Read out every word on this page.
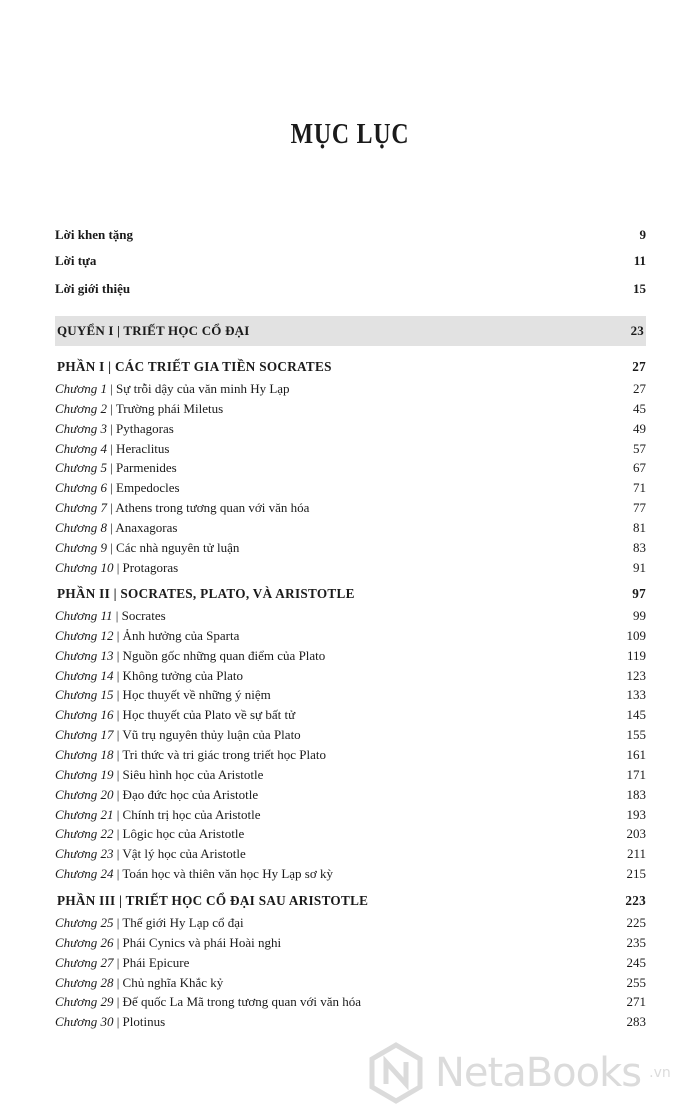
MỤC LỤC
Lời khen tặng	9
Lời tựa	11
Lời giới thiệu	15
QUYỂN I | TRIẾT HỌC CỔ ĐẠI	23
PHẦN I | CÁC TRIẾT GIA TIỀN SOCRATES	27
Chương 1 | Sự trỗi dậy của văn minh Hy Lạp	27
Chương 2 | Trường phái Miletus	45
Chương 3 | Pythagoras	49
Chương 4 | Heraclitus	57
Chương 5 | Parmenides	67
Chương 6 | Empedocles	71
Chương 7 | Athens trong tương quan với văn hóa	77
Chương 8 | Anaxagoras	81
Chương 9 | Các nhà nguyên tử luận	83
Chương 10 | Protagoras	91
PHẦN II | SOCRATES, PLATO, VÀ ARISTOTLE	97
Chương 11 | Socrates	99
Chương 12 | Ảnh hưởng của Sparta	109
Chương 13 | Nguồn gốc những quan điểm của Plato	119
Chương 14 | Không tưởng của Plato	123
Chương 15 | Học thuyết về những ý niệm	133
Chương 16 | Học thuyết của Plato về sự bất tử	145
Chương 17 | Vũ trụ nguyên thủy luận của Plato	155
Chương 18 | Tri thức và tri giác trong triết học Plato	161
Chương 19 | Siêu hình học của Aristotle	171
Chương 20 | Đạo đức học của Aristotle	183
Chương 21 | Chính trị học của Aristotle	193
Chương 22 | Lôgic học của Aristotle	203
Chương 23 | Vật lý học của Aristotle	211
Chương 24 | Toán học và thiên văn học Hy Lạp sơ kỳ	215
PHẦN III | TRIẾT HỌC CỔ ĐẠI SAU ARISTOTLE	223
Chương 25 | Thế giới Hy Lạp cổ đại	225
Chương 26 | Phái Cynics và phái Hoài nghi	235
Chương 27 | Phái Epicure	245
Chương 28 | Chủ nghĩa Khắc kỷ	255
Chương 29 | Đế quốc La Mã trong tương quan với văn hóa	271
Chương 30 | Plotinus	283
NetaBooks .vn
